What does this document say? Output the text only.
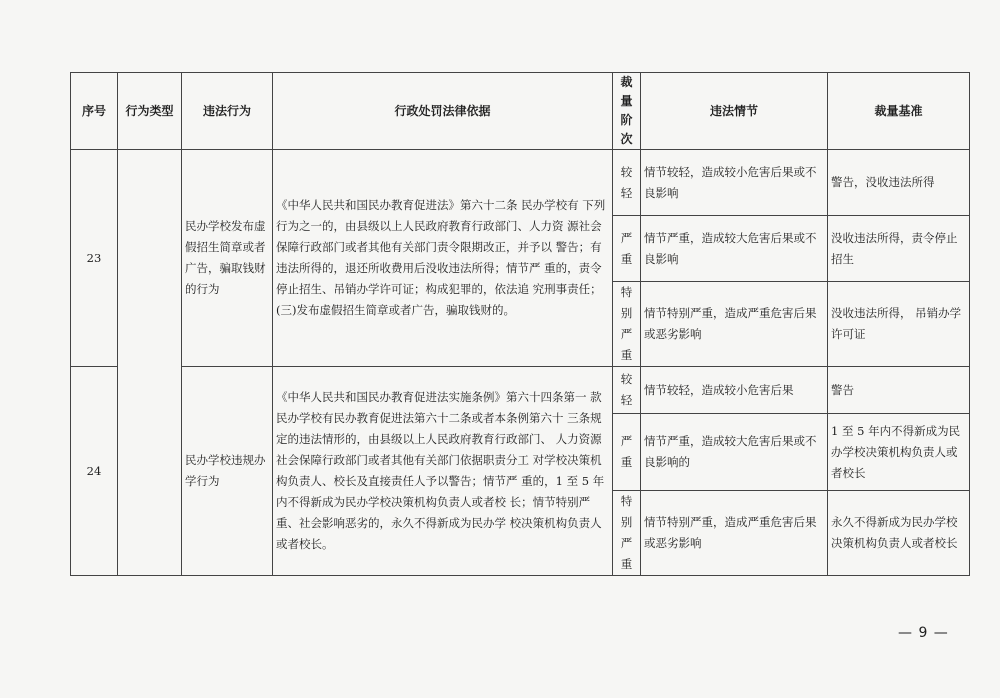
序号	行为类型	违法行为	行政处罚法律依据	裁量阶次	违法情节	裁量基准
23		民办学校发布虚假招生简章或者广告，骗取钱财的行为	《中华人民共和国民办教育促进法》第六十二条 民办学校有 下列行为之一的，由县级以上人民政府教育行政部门、人力资 源社会保障行政部门或者其他有关部门责令限期改正，并予以 警告；有违法所得的，退还所收费用后没收违法所得；情节严 重的，责令停止招生、吊销办学许可证；构成犯罪的，依法追 究刑事责任；(三)发布虚假招生简章或者广告，骗取钱财的。	较轻	情节较轻，造成较小危害后果或不良影响	警告，没收违法所得
				严重	情节严重，造成较大危害后果或不良影响	没收违法所得，责令停止招生
				特别严重	情节特别严重，造成严重危害后果或恶劣影响	没收违法所得， 吊销办学许可证
24		民办学校违规办学行为	《中华人民共和国民办教育促进法实施条例》第六十四条第一 款 民办学校有民办教育促进法第六十二条或者本条例第六十 三条规定的违法情形的，由县级以上人民政府教育行政部门、 人力资源社会保障行政部门或者其他有关部门依据职责分工 对学校决策机构负责人、校长及直接责任人予以警告；情节严 重的，1 至 5 年内不得新成为民办学校决策机构负责人或者校 长；情节特别严重、社会影响恶劣的，永久不得新成为民办学 校决策机构负责人或者校长。	较轻	情节较轻，造成较小危害后果	警告
				严重	情节严重，造成较大危害后果或不良影响的	1 至 5 年内不得新成为民 办学校决策机构负责人或 者校长
				特别严重	情节特别严重，造成严重危害后果或恶劣影响	永久不得新成为民办学校决策机构负责人或者校长
— 9 —
